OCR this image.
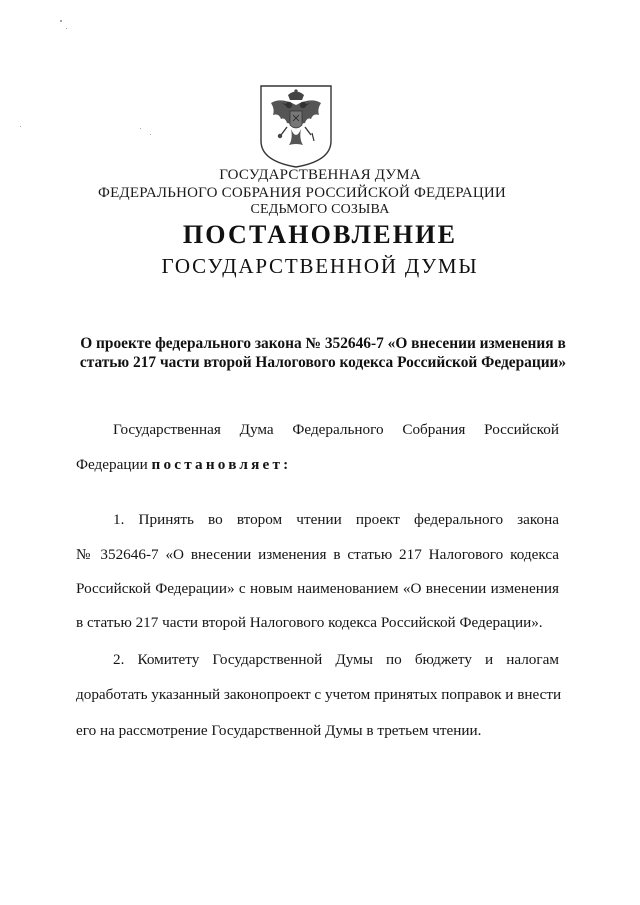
ГОСУДАРСТВЕННАЯ ДУМА
ФЕДЕРАЛЬНОГО СОБРАНИЯ РОССИЙСКОЙ ФЕДЕРАЦИИ
СЕДЬМОГО СОЗЫВА
ПОСТАНОВЛЕНИЕ
ГОСУДАРСТВЕННОЙ ДУМЫ
О проекте федерального закона № 352646-7 «О внесении изменения в статью 217 части второй Налогового кодекса Российской Федерации»
Государственная Дума Федерального Собрания Российской
Федерации постановляет:
1. Принять во втором чтении проект федерального закона
№ 352646-7 «О внесении изменения в статью 217 Налогового кодекса
Российской Федерации» с новым наименованием «О внесении изменения
в статью 217 части второй Налогового кодекса Российской Федерации».
2. Комитету Государственной Думы по бюджету и налогам
доработать указанный законопроект с учетом принятых поправок и внести
его на рассмотрение Государственной Думы в третьем чтении.
